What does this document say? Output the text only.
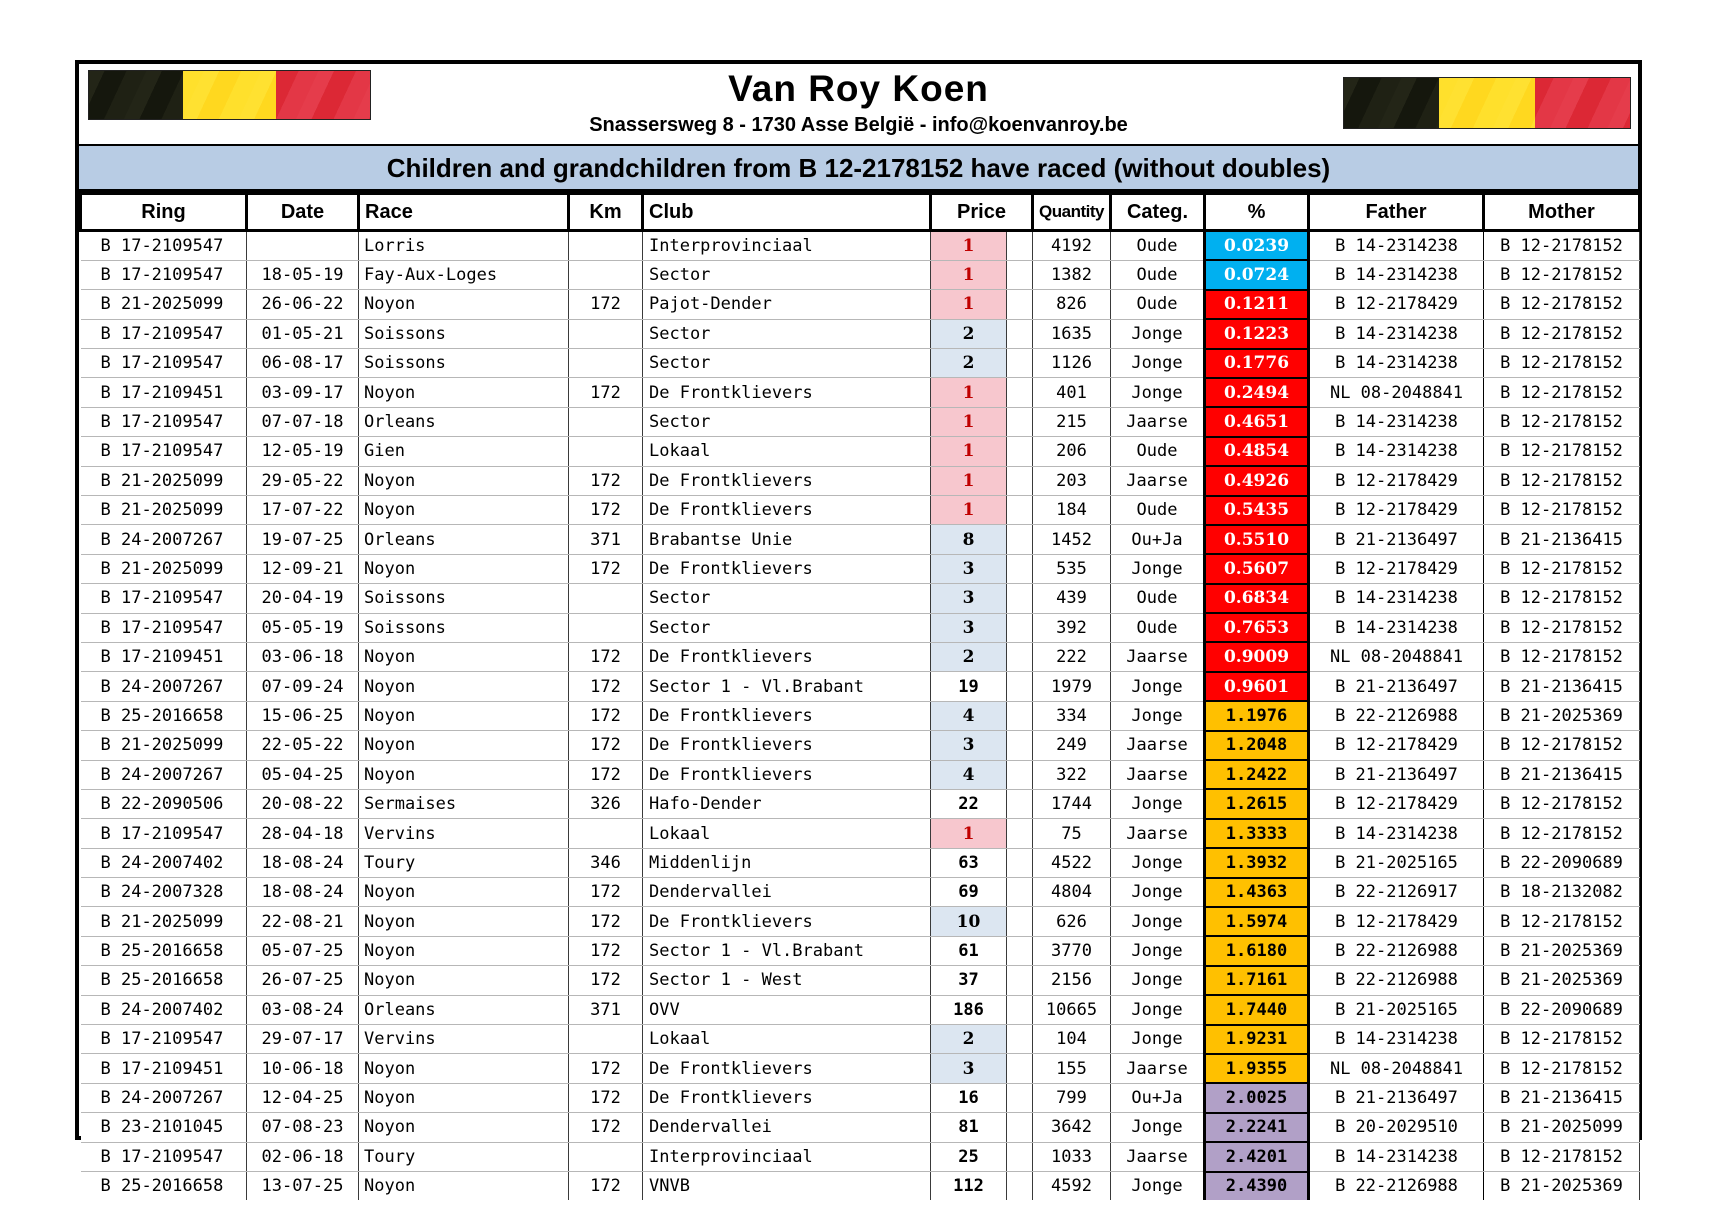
Van Roy Koen
Snassersweg 8 - 1730 Asse België - info@koenvanroy.be
Children and grandchildren from B 12-2178152 have raced (without doubles)
Ring	Date	Race	Km	Club	Price		Quantity	Categ.	%	Father	Mother
B 17-2109547		Lorris		Interprovinciaal	1		4192	Oude	0.0239	B 14-2314238	B 12-2178152
B 17-2109547	18-05-19	Fay-Aux-Loges		Sector	1		1382	Oude	0.0724	B 14-2314238	B 12-2178152
B 21-2025099	26-06-22	Noyon	172	Pajot-Dender	1		826	Oude	0.1211	B 12-2178429	B 12-2178152
B 17-2109547	01-05-21	Soissons		Sector	2		1635	Jonge	0.1223	B 14-2314238	B 12-2178152
B 17-2109547	06-08-17	Soissons		Sector	2		1126	Jonge	0.1776	B 14-2314238	B 12-2178152
B 17-2109451	03-09-17	Noyon	172	De Frontklievers	1		401	Jonge	0.2494	NL 08-2048841	B 12-2178152
B 17-2109547	07-07-18	Orleans		Sector	1		215	Jaarse	0.4651	B 14-2314238	B 12-2178152
B 17-2109547	12-05-19	Gien		Lokaal	1		206	Oude	0.4854	B 14-2314238	B 12-2178152
B 21-2025099	29-05-22	Noyon	172	De Frontklievers	1		203	Jaarse	0.4926	B 12-2178429	B 12-2178152
B 21-2025099	17-07-22	Noyon	172	De Frontklievers	1		184	Oude	0.5435	B 12-2178429	B 12-2178152
B 24-2007267	19-07-25	Orleans	371	Brabantse Unie	8		1452	Ou+Ja	0.5510	B 21-2136497	B 21-2136415
B 21-2025099	12-09-21	Noyon	172	De Frontklievers	3		535	Jonge	0.5607	B 12-2178429	B 12-2178152
B 17-2109547	20-04-19	Soissons		Sector	3		439	Oude	0.6834	B 14-2314238	B 12-2178152
B 17-2109547	05-05-19	Soissons		Sector	3		392	Oude	0.7653	B 14-2314238	B 12-2178152
B 17-2109451	03-06-18	Noyon	172	De Frontklievers	2		222	Jaarse	0.9009	NL 08-2048841	B 12-2178152
B 24-2007267	07-09-24	Noyon	172	Sector 1 - Vl.Brabant	19		1979	Jonge	0.9601	B 21-2136497	B 21-2136415
B 25-2016658	15-06-25	Noyon	172	De Frontklievers	4		334	Jonge	1.1976	B 22-2126988	B 21-2025369
B 21-2025099	22-05-22	Noyon	172	De Frontklievers	3		249	Jaarse	1.2048	B 12-2178429	B 12-2178152
B 24-2007267	05-04-25	Noyon	172	De Frontklievers	4		322	Jaarse	1.2422	B 21-2136497	B 21-2136415
B 22-2090506	20-08-22	Sermaises	326	Hafo-Dender	22		1744	Jonge	1.2615	B 12-2178429	B 12-2178152
B 17-2109547	28-04-18	Vervins		Lokaal	1		75	Jaarse	1.3333	B 14-2314238	B 12-2178152
B 24-2007402	18-08-24	Toury	346	Middenlijn	63		4522	Jonge	1.3932	B 21-2025165	B 22-2090689
B 24-2007328	18-08-24	Noyon	172	Dendervallei	69		4804	Jonge	1.4363	B 22-2126917	B 18-2132082
B 21-2025099	22-08-21	Noyon	172	De Frontklievers	10		626	Jonge	1.5974	B 12-2178429	B 12-2178152
B 25-2016658	05-07-25	Noyon	172	Sector 1 - Vl.Brabant	61		3770	Jonge	1.6180	B 22-2126988	B 21-2025369
B 25-2016658	26-07-25	Noyon	172	Sector 1 - West	37		2156	Jonge	1.7161	B 22-2126988	B 21-2025369
B 24-2007402	03-08-24	Orleans	371	OVV	186		10665	Jonge	1.7440	B 21-2025165	B 22-2090689
B 17-2109547	29-07-17	Vervins		Lokaal	2		104	Jonge	1.9231	B 14-2314238	B 12-2178152
B 17-2109451	10-06-18	Noyon	172	De Frontklievers	3		155	Jaarse	1.9355	NL 08-2048841	B 12-2178152
B 24-2007267	12-04-25	Noyon	172	De Frontklievers	16		799	Ou+Ja	2.0025	B 21-2136497	B 21-2136415
B 23-2101045	07-08-23	Noyon	172	Dendervallei	81		3642	Jonge	2.2241	B 20-2029510	B 21-2025099
B 17-2109547	02-06-18	Toury		Interprovinciaal	25		1033	Jaarse	2.4201	B 14-2314238	B 12-2178152
B 25-2016658	13-07-25	Noyon	172	VNVB	112		4592	Jonge	2.4390	B 22-2126988	B 21-2025369
